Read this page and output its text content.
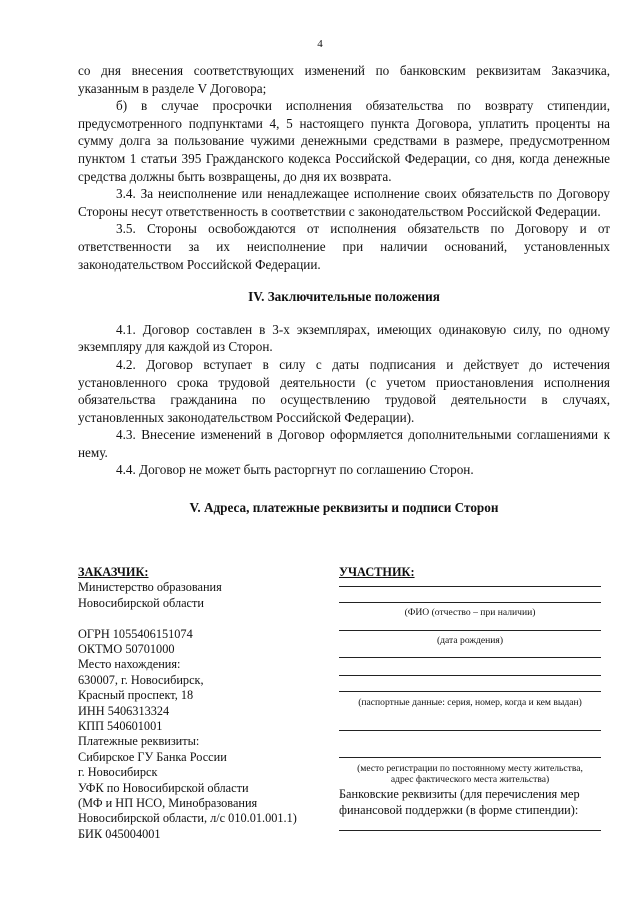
4

со дня внесения соответствующих изменений по банковским реквизитам Заказчика, указанным в разделе V Договора;

б) в случае просрочки исполнения обязательства по возврату стипендии, предусмотренного подпунктами 4, 5 настоящего пункта Договора, уплатить проценты на сумму долга за пользование чужими денежными средствами в размере, предусмотренном пунктом 1 статьи 395 Гражданского кодекса Российской Федерации, со дня, когда денежные средства должны быть возвращены, до дня их возврата.

3.4. За неисполнение или ненадлежащее исполнение своих обязательств по Договору Стороны несут ответственность в соответствии с законодательством Российской Федерации.

3.5. Стороны освобождаются от исполнения обязательств по Договору и от ответственности за их неисполнение при наличии оснований, установленных законодательством Российской Федерации.

IV. Заключительные положения

4.1. Договор составлен в 3-х экземплярах, имеющих одинаковую силу, по одному экземпляру для каждой из Сторон.

4.2. Договор вступает в силу с даты подписания и действует до истечения установленного срока трудовой деятельности (с учетом приостановления исполнения обязательства гражданина по осуществлению трудовой деятельности в случаях, установленных законодательством Российской Федерации).

4.3. Внесение изменений в Договор оформляется дополнительными соглашениями к нему.

4.4. Договор не может быть расторгнут по соглашению Сторон.

V. Адреса, платежные реквизиты и подписи Сторон

ЗАКАЗЧИК:
Министерство образования
Новосибирской области
ОГРН 1055406151074
ОКТМО 50701000
Место нахождения:
630007, г. Новосибирск,
Красный проспект, 18
ИНН 5406313324
КПП 540601001
Платежные реквизиты:
Сибирское ГУ Банка России
г. Новосибирск
УФК по Новосибирской области
(МФ и НП НСО, Минобразования
Новосибирской области, л/с 010.01.001.1)
БИК 045004001
УЧАСТНИК:
(ФИО (отчество – при наличии)
(дата рождения)
(паспортные данные: серия, номер, когда и кем выдан)
(место регистрации по постоянному месту жительства,
адрес фактического места жительства)
Банковские реквизиты (для перечисления мер
финансовой поддержки (в форме стипендии):
